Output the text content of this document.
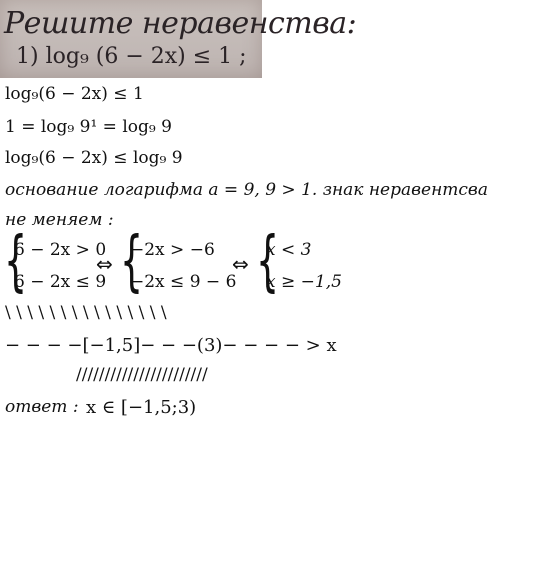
Решите неравенства:
1) log₉ (6 − 2x) ≤ 1 ;
log₉(6 − 2x) ≤ 1
1 = log₉ 9¹ = log₉ 9
log₉(6 − 2x) ≤ log₉ 9
основание логарифма a = 9, 9 > 1. знак неравентсва
не меняем :
{
6 − 2x > 0
6 − 2x ≤ 9
⇔ {
−2x > −6
−2x ≤ 9 − 6
⇔ {
x < 3
x ≥ −1,5
\ \ \ \ \ \ \ \ \ \ \ \ \ \ \
− − − −[−1,5]− − −(3)− − − − > x
///////////////////////
ответ : x ∈ [−1,5;3)
